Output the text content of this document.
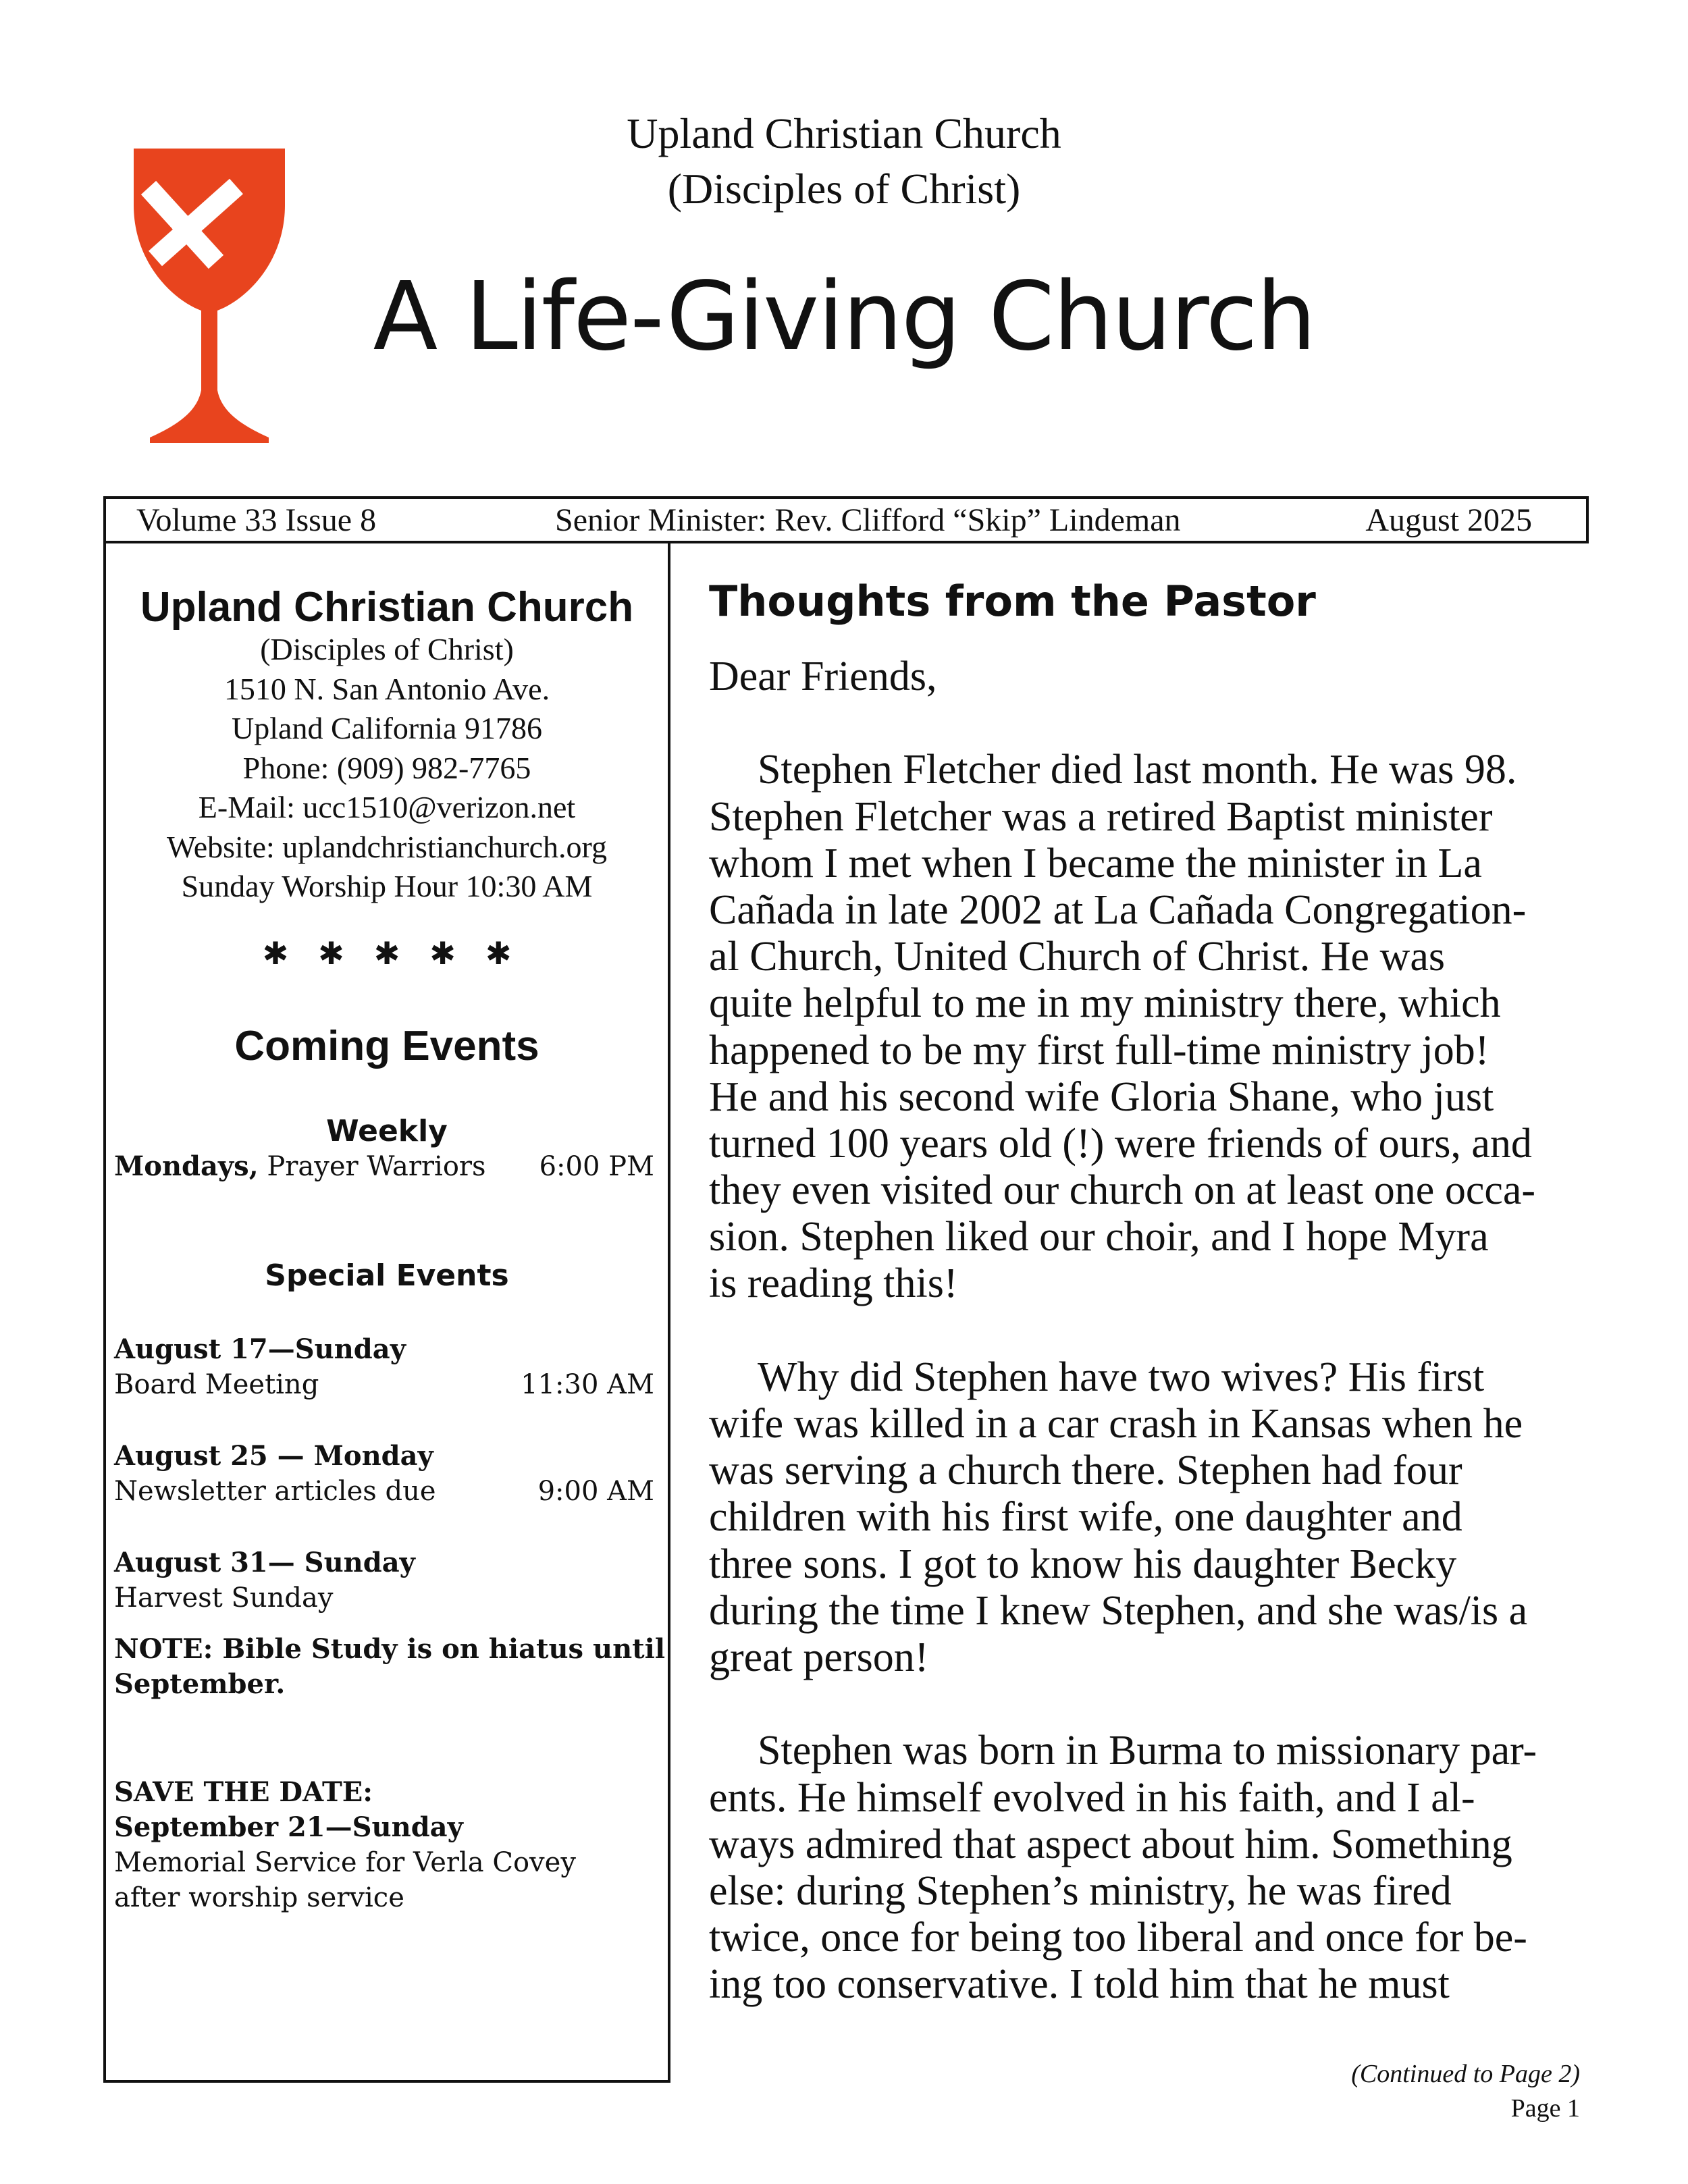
Upland Christian Church
(Disciples of Christ)
A Life-Giving Church
Volume 33 Issue 8	Senior Minister: Rev. Clifford “Skip” Lindeman	August 2025
Upland Christian Church
(Disciples of Christ)
1510 N. San Antonio Ave.
Upland California 91786
Phone: (909) 982-7765
E-Mail: ucc1510@verizon.net
Website: uplandchristianchurch.org
Sunday Worship Hour 10:30 AM
✱✱✱✱✱
Coming Events
Weekly
Mondays, Prayer Warriors 6:00 PM
Special Events
August 17—Sunday
Board Meeting	11:30 AM
August 25 — Monday
Newsletter articles due	9:00 AM
August 31— Sunday
Harvest Sunday
NOTE: Bible Study is on hiatus until
September.
SAVE THE DATE:
September 21—Sunday
Memorial Service for Verla Covey
after worship service
Thoughts from the Pastor
Dear Friends,
Stephen Fletcher died last month. He was 98.
Stephen Fletcher was a retired Baptist minister
whom I met when I became the minister in La
Cañada in late 2002 at La Cañada Congregation-
al Church, United Church of Christ. He was
quite helpful to me in my ministry there, which
happened to be my first full-time ministry job!
He and his second wife Gloria Shane, who just
turned 100 years old (!) were friends of ours, and
they even visited our church on at least one occa-
sion. Stephen liked our choir, and I hope Myra
is reading this!
Why did Stephen have two wives? His first
wife was killed in a car crash in Kansas when he
was serving a church there. Stephen had four
children with his first wife, one daughter and
three sons. I got to know his daughter Becky
during the time I knew Stephen, and she was/is a
great person!
Stephen was born in Burma to missionary par-
ents. He himself evolved in his faith, and I al-
ways admired that aspect about him. Something
else: during Stephen’s ministry, he was fired
twice, once for being too liberal and once for be-
ing too conservative. I told him that he must
(Continued to Page 2)
Page 1
